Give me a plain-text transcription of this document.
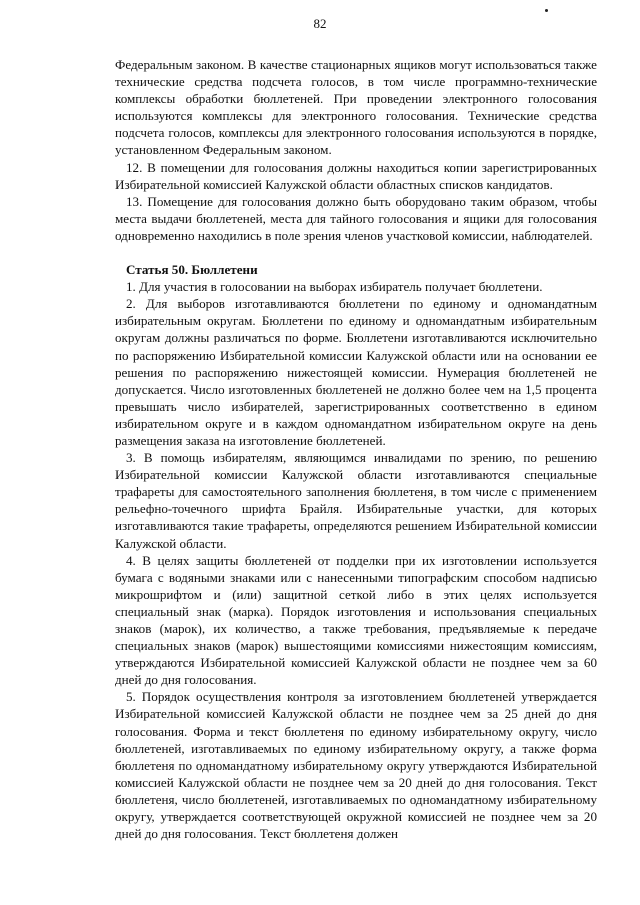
82

Федеральным законом. В качестве стационарных ящиков могут использоваться также технические средства подсчета голосов, в том числе программно-технические комплексы обработки бюллетеней. При проведении электронного голосования используются комплексы для электронного голосования. Технические средства подсчета голосов, комплексы для электронного голосования используются в порядке, установленном Федеральным законом.

12. В помещении для голосования должны находиться копии зарегистрированных Избирательной комиссией Калужской области областных списков кандидатов.

13. Помещение для голосования должно быть оборудовано таким образом, чтобы места выдачи бюллетеней, места для тайного голосования и ящики для голосования одновременно находились в поле зрения членов участковой комиссии, наблюдателей.

Статья 50. Бюллетени

1. Для участия в голосовании на выборах избиратель получает бюллетени.

2. Для выборов изготавливаются бюллетени по единому и одномандатным избирательным округам. Бюллетени по единому и одномандатным избирательным округам должны различаться по форме. Бюллетени изготавливаются исключительно по распоряжению Избирательной комиссии Калужской области или на основании ее решения по распоряжению нижестоящей комиссии. Нумерация бюллетеней не допускается. Число изготовленных бюллетеней не должно более чем на 1,5 процента превышать число избирателей, зарегистрированных соответственно в едином избирательном округе и в каждом одномандатном избирательном округе на день размещения заказа на изготовление бюллетеней.

3. В помощь избирателям, являющимся инвалидами по зрению, по решению Избирательной комиссии Калужской области изготавливаются специальные трафареты для самостоятельного заполнения бюллетеня, в том числе с применением рельефно-точечного шрифта Брайля. Избирательные участки, для которых изготавливаются такие трафареты, определяются решением Избирательной комиссии Калужской области.

4. В целях защиты бюллетеней от подделки при их изготовлении используется бумага с водяными знаками или с нанесенными типографским способом надписью микрошрифтом и (или) защитной сеткой либо в этих целях используется специальный знак (марка). Порядок изготовления и использования специальных знаков (марок), их количество, а также требования, предъявляемые к передаче специальных знаков (марок) вышестоящими комиссиями нижестоящим комиссиям, утверждаются Избирательной комиссией Калужской области не позднее чем за 60 дней до дня голосования.

5. Порядок осуществления контроля за изготовлением бюллетеней утверждается Избирательной комиссией Калужской области не позднее чем за 25 дней до дня голосования. Форма и текст бюллетеня по единому избирательному округу, число бюллетеней, изготавливаемых по единому избирательному округу, а также форма бюллетеня по одномандатному избирательному округу утверждаются Избирательной комиссией Калужской области не позднее чем за 20 дней до дня голосования. Текст бюллетеня, число бюллетеней, изготавливаемых по одномандатному избирательному округу, утверждается соответствующей окружной комиссией не позднее чем за 20 дней до дня голосования. Текст бюллетеня должен
